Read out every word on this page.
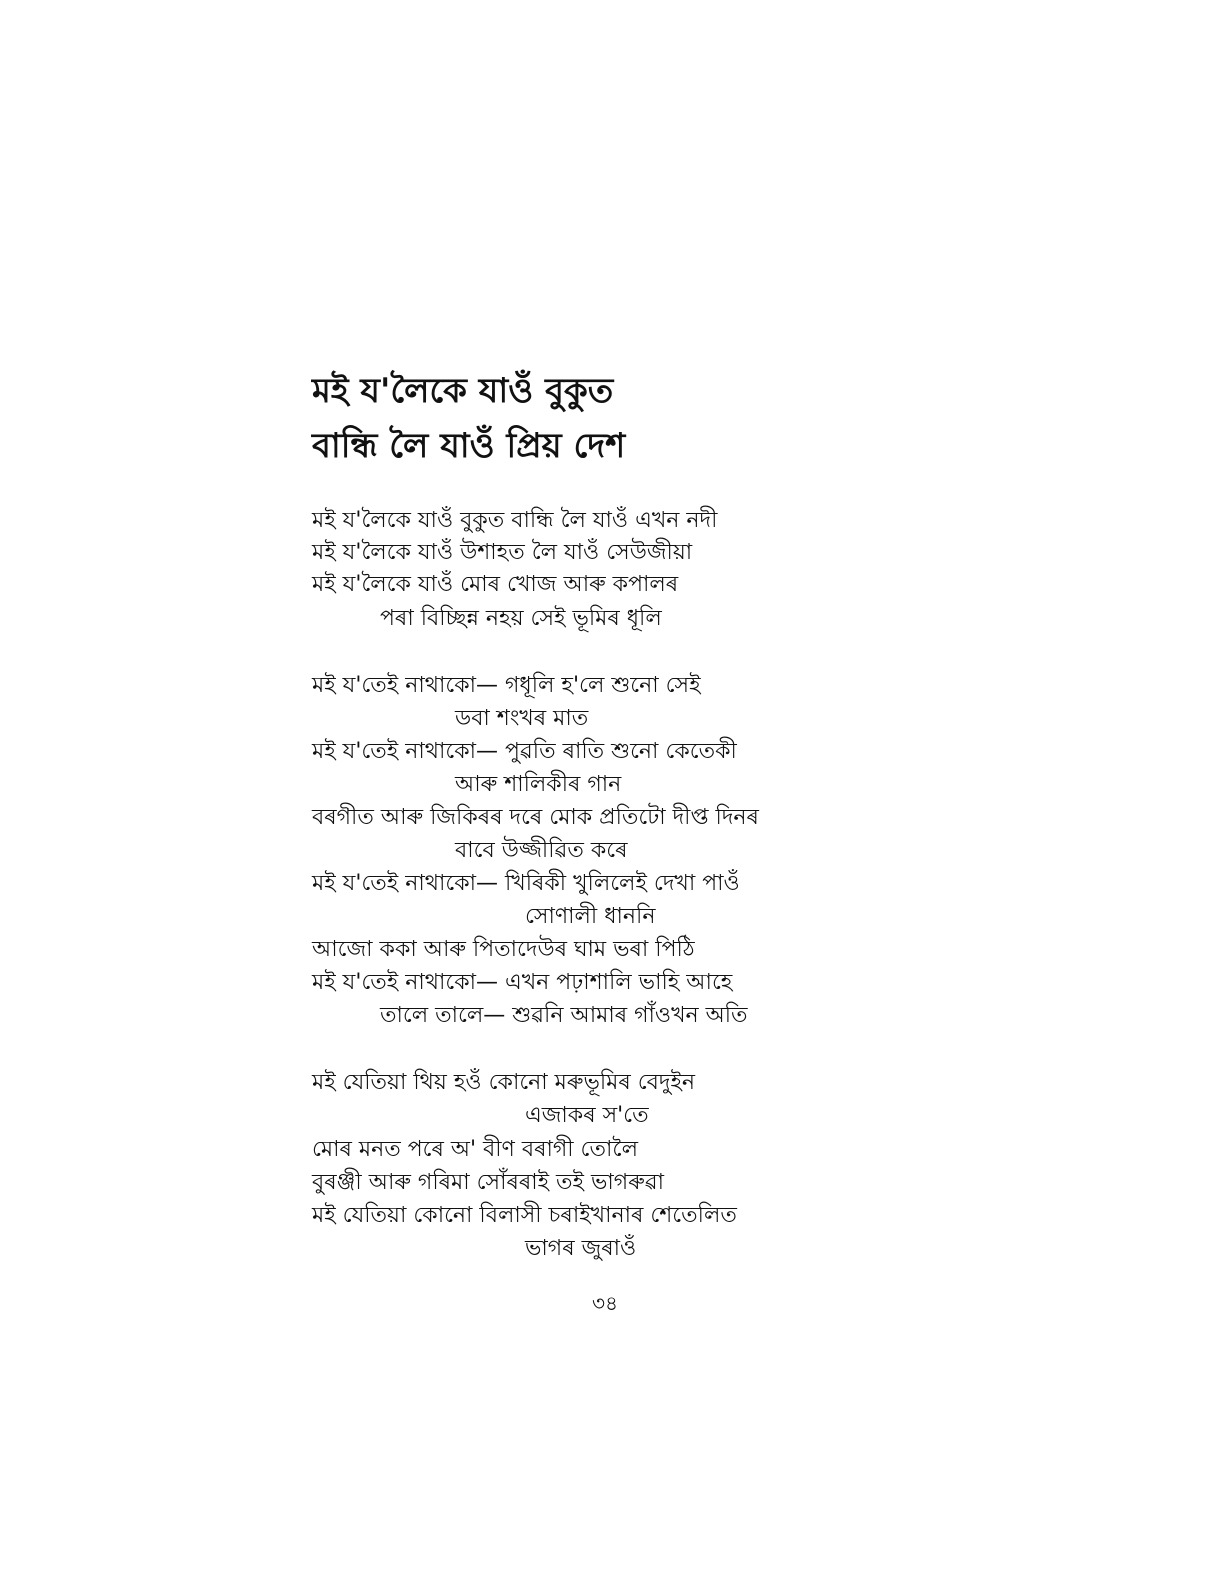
মই য'লৈকে যাওঁ বুকুত
বান্ধি লৈ যাওঁ প্ৰিয় দেশ
মই য'লৈকে যাওঁ বুকুত বান্ধি লৈ যাওঁ এখন নদী
মই য'লৈকে যাওঁ উশাহত লৈ যাওঁ সেউজীয়া
মই য'লৈকে যাওঁ মোৰ খোজ আৰু কপালৰ
পৰা বিচ্ছিন্ন নহয় সেই ভূমিৰ ধূলি
মই য'তেই নাথাকো— গধূলি হ'লে শুনো সেই
ডবা শংখৰ মাত
মই য'তেই নাথাকো— পুৱতি ৰাতি শুনো কেতেকী
আৰু শালিকীৰ গান
বৰগীত আৰু জিকিৰৰ দৰে মোক প্ৰতিটো দীপ্ত দিনৰ
বাবে উজ্জীৱিত কৰে
মই য'তেই নাথাকো— খিৰিকী খুলিলেই দেখা পাওঁ
সোণালী ধাননি
আজো ককা আৰু পিতাদেউৰ ঘাম ভৰা পিঠি
মই য'তেই নাথাকো— এখন পঢ়াশালি ভাহি আহে
তালে তালে— শুৱনি আমাৰ গাঁওখন অতি
মই যেতিয়া থিয় হওঁ কোনো মৰুভূমিৰ বেদুইন
এজাকৰ স'তে
মোৰ মনত পৰে অ' বীণ বৰাগী তোলৈ
বুৰঞ্জী আৰু গৰিমা সোঁৰৰাই তই ভাগৰুৱা
মই যেতিয়া কোনো বিলাসী চৰাইখানাৰ শেতেলিত
ভাগৰ জুৰাওঁ
৩৪
